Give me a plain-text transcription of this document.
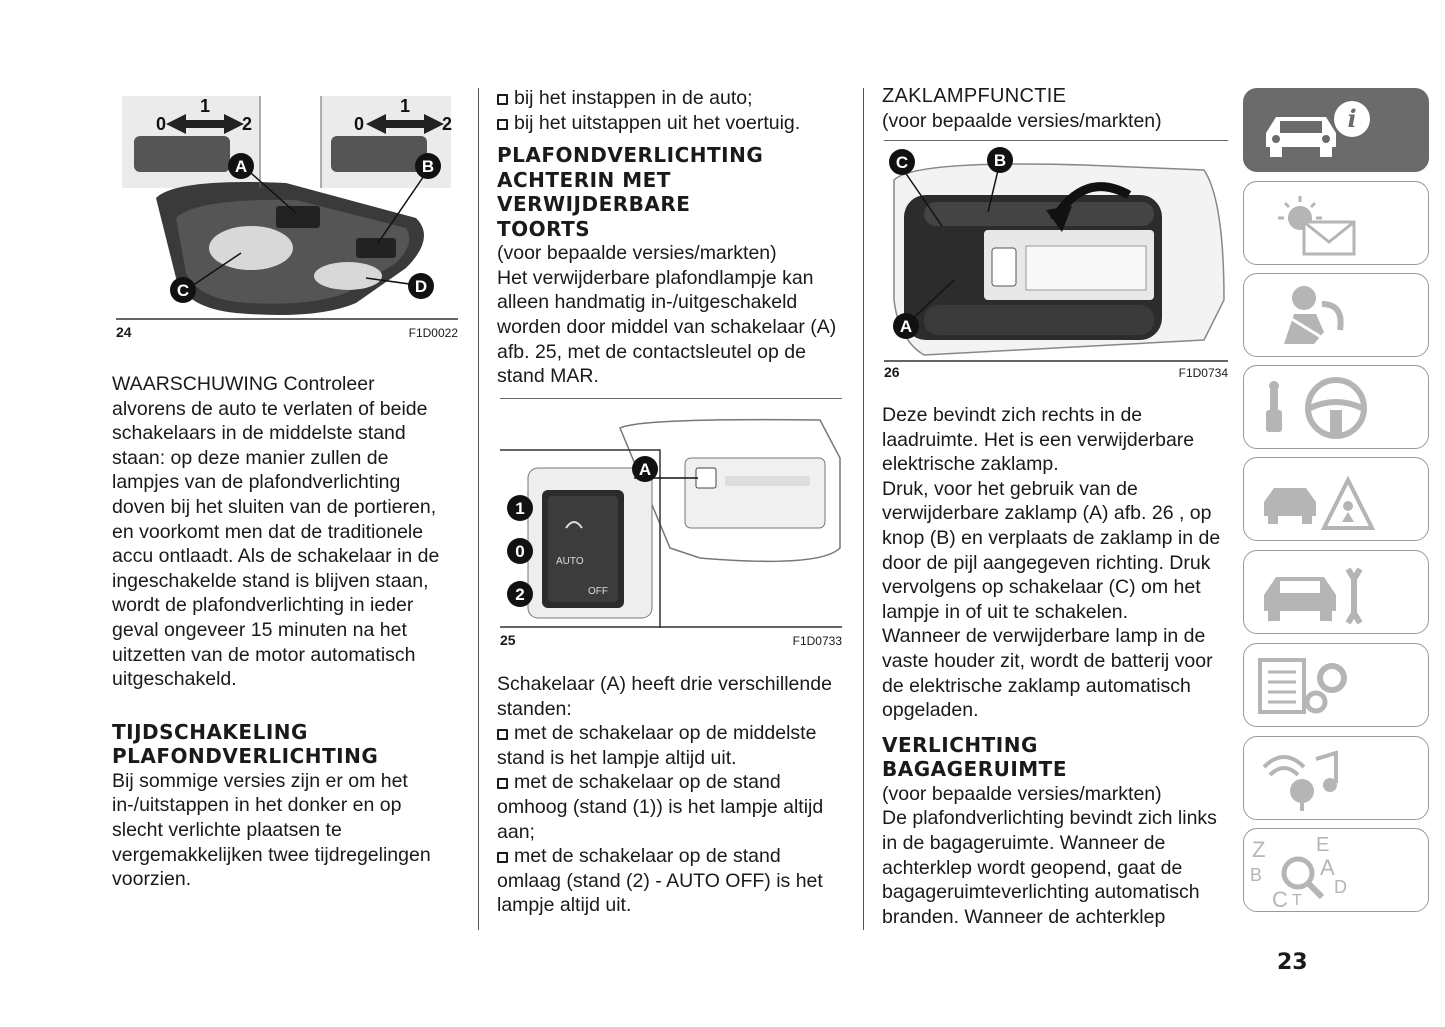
A	B
C	D
0
1
2	0
1
2
24	F1D0022

WAARSCHUWING Controleer alvorens de auto te verlaten of beide schakelaars in de middelste stand staan: op deze manier zullen de lampjes van de plafondverlichting doven bij het sluiten van de portieren, en voorkomt men dat de traditionele accu ontlaadt. Als de schakelaar in de ingeschakelde stand is blijven staan, wordt de plafondverlichting in ieder geval ongeveer 15 minuten na het uitzetten van de motor automatisch uitgeschakeld.

TIJDSCHAKELING
PLAFONDVERLICHTING

Bij sommige versies zijn er om het in-/uitstappen in het donker en op slecht verlichte plaatsen te vergemakkelijken twee tijdregelingen voorzien.

bij het instappen in de auto;

bij het uitstappen uit het voertuig.

PLAFONDVERLICHTING
ACHTERIN MET
VERWIJDERBARE
TOORTS

(voor bepaalde versies/markten)

Het verwijderbare plafondlampje kan alleen handmatig in-/uitgeschakeld worden door middel van schakelaar (A) afb. 25, met de contactsleutel op de stand MAR.

AUTO
OFF
A
1
0
2
25	F1D0733

Schakelaar (A) heeft drie verschillende standen:

met de schakelaar op de middelste stand is het lampje altijd uit.

met de schakelaar op de stand omhoog (stand (1)) is het lampje altijd aan;

met de schakelaar op de stand omlaag (stand (2) - AUTO OFF) is het lampje altijd uit.

ZAKLAMPFUNCTIE

(voor bepaalde versies/markten)

C	B
A
26	F1D0734

Deze bevindt zich rechts in de laadruimte. Het is een verwijderbare elektrische zaklamp.

Druk, voor het gebruik van de verwijderbare zaklamp (A) afb. 26 , op knop (B) en verplaats de zaklamp in de door de pijl aangegeven richting. Druk vervolgens op schakelaar (C) om het lampje in of uit te schakelen.

Wanneer de verwijderbare lamp in de vaste houder zit, wordt de batterij voor de elektrische zaklamp automatisch opgeladen.

VERLICHTING
BAGAGERUIMTE

(voor bepaalde versies/markten)

De plafondverlichting bevindt zich links in de bagageruimte. Wanneer de achterklep wordt geopend, gaat de bagageruimteverlichting automatisch branden. Wanneer de achterklep

i
Z	E
B	A
C T
D
23
